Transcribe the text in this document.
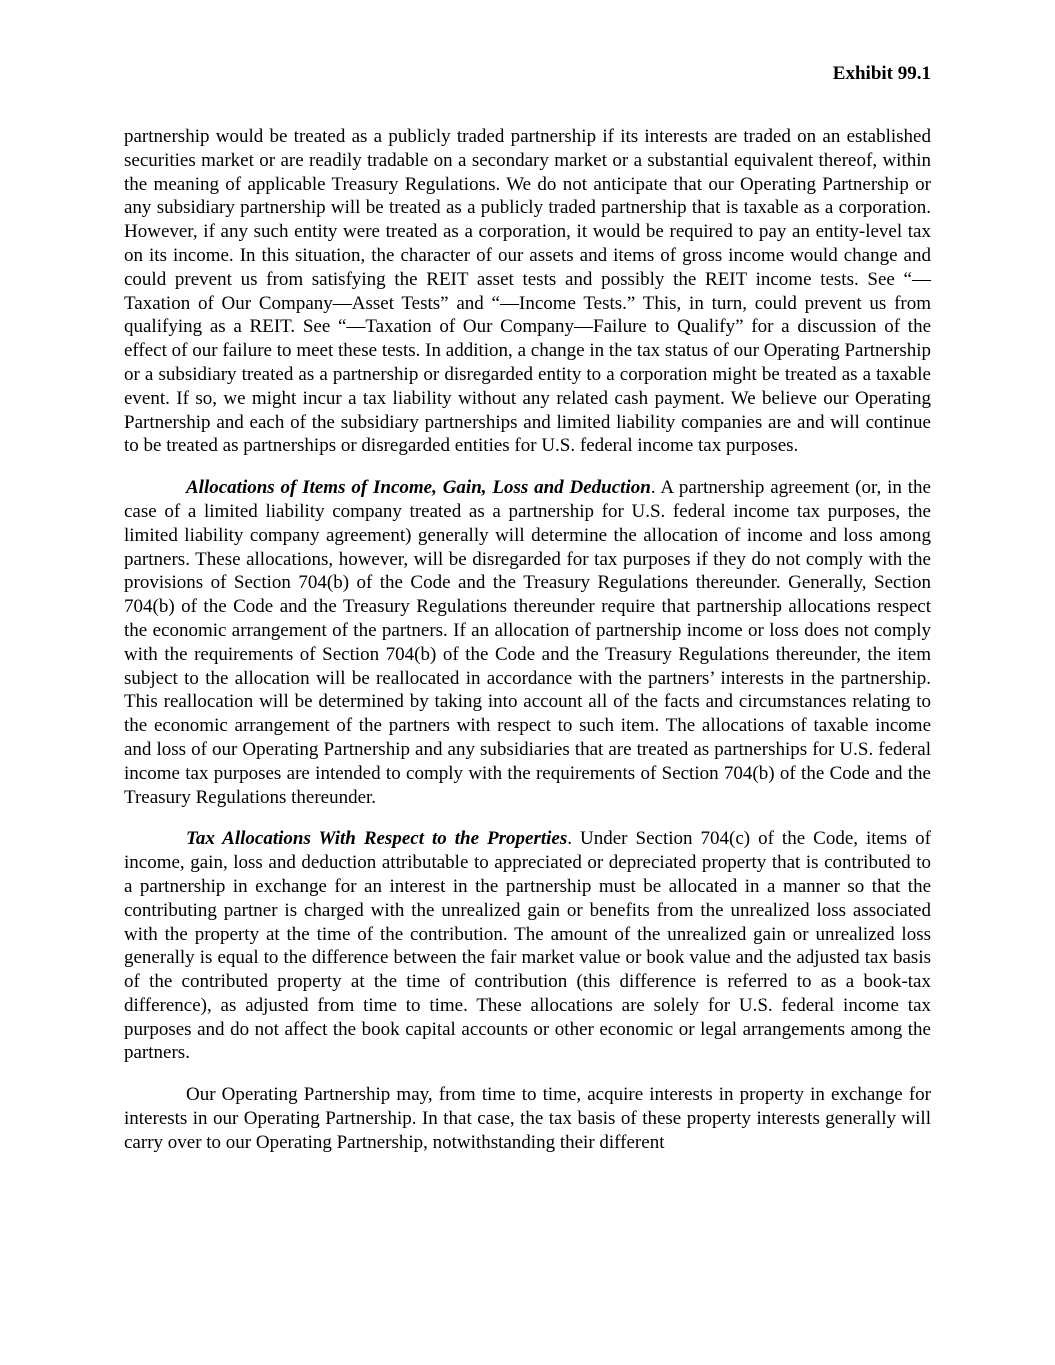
Exhibit 99.1

partnership would be treated as a publicly traded partnership if its interests are traded on an established securities market or are readily tradable on a secondary market or a substantial equivalent thereof, within the meaning of applicable Treasury Regulations. We do not anticipate that our Operating Partnership or any subsidiary partnership will be treated as a publicly traded partnership that is taxable as a corporation. However, if any such entity were treated as a corporation, it would be required to pay an entity-level tax on its income. In this situation, the character of our assets and items of gross income would change and could prevent us from satisfying the REIT asset tests and possibly the REIT income tests. See “—Taxation of Our Company—Asset Tests” and “—Income Tests.” This, in turn, could prevent us from qualifying as a REIT. See “—Taxation of Our Company—Failure to Qualify” for a discussion of the effect of our failure to meet these tests. In addition, a change in the tax status of our Operating Partnership or a subsidiary treated as a partnership or disregarded entity to a corporation might be treated as a taxable event. If so, we might incur a tax liability without any related cash payment. We believe our Operating Partnership and each of the subsidiary partnerships and limited liability companies are and will continue to be treated as partnerships or disregarded entities for U.S. federal income tax purposes.

Allocations of Items of Income, Gain, Loss and Deduction. A partnership agreement (or, in the case of a limited liability company treated as a partnership for U.S. federal income tax purposes, the limited liability company agreement) generally will determine the allocation of income and loss among partners. These allocations, however, will be disregarded for tax purposes if they do not comply with the provisions of Section 704(b) of the Code and the Treasury Regulations thereunder. Generally, Section 704(b) of the Code and the Treasury Regulations thereunder require that partnership allocations respect the economic arrangement of the partners. If an allocation of partnership income or loss does not comply with the requirements of Section 704(b) of the Code and the Treasury Regulations thereunder, the item subject to the allocation will be reallocated in accordance with the partners’ interests in the partnership. This reallocation will be determined by taking into account all of the facts and circumstances relating to the economic arrangement of the partners with respect to such item. The allocations of taxable income and loss of our Operating Partnership and any subsidiaries that are treated as partnerships for U.S. federal income tax purposes are intended to comply with the requirements of Section 704(b) of the Code and the Treasury Regulations thereunder.

Tax Allocations With Respect to the Properties. Under Section 704(c) of the Code, items of income, gain, loss and deduction attributable to appreciated or depreciated property that is contributed to a partnership in exchange for an interest in the partnership must be allocated in a manner so that the contributing partner is charged with the unrealized gain or benefits from the unrealized loss associated with the property at the time of the contribution. The amount of the unrealized gain or unrealized loss generally is equal to the difference between the fair market value or book value and the adjusted tax basis of the contributed property at the time of contribution (this difference is referred to as a book-tax difference), as adjusted from time to time. These allocations are solely for U.S. federal income tax purposes and do not affect the book capital accounts or other economic or legal arrangements among the partners.

Our Operating Partnership may, from time to time, acquire interests in property in exchange for interests in our Operating Partnership. In that case, the tax basis of these property interests generally will carry over to our Operating Partnership, notwithstanding their different
